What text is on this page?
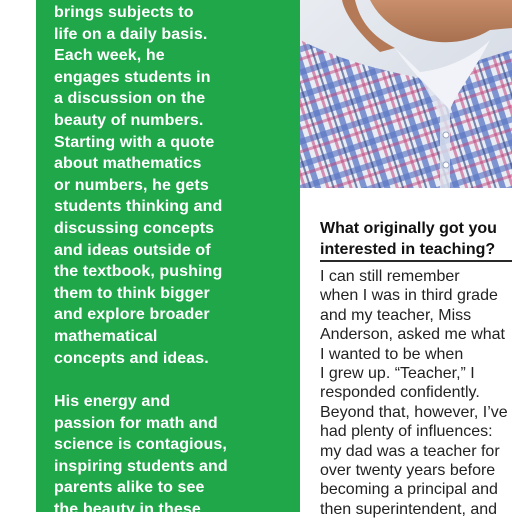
brings subjects to
life on a daily basis.
Each week, he
engages students in
a discussion on the
beauty of numbers.
Starting with a quote
about mathematics
or numbers, he gets
students thinking and
discussing concepts
and ideas outside of
the textbook, pushing
them to think bigger
and explore broader
mathematical
concepts and ideas.
His energy and
passion for math and
science is contagious,
inspiring students and
parents alike to see
the beauty in these
What originally got you
interested in teaching?
I can still remember
when I was in third grade
and my teacher, Miss
Anderson, asked me what
I wanted to be when
I grew up. “Teacher,” I
responded confidently.
Beyond that, however, I’ve
had plenty of influences:
my dad was a teacher for
over twenty years before
becoming a principal and
then superintendent, and
